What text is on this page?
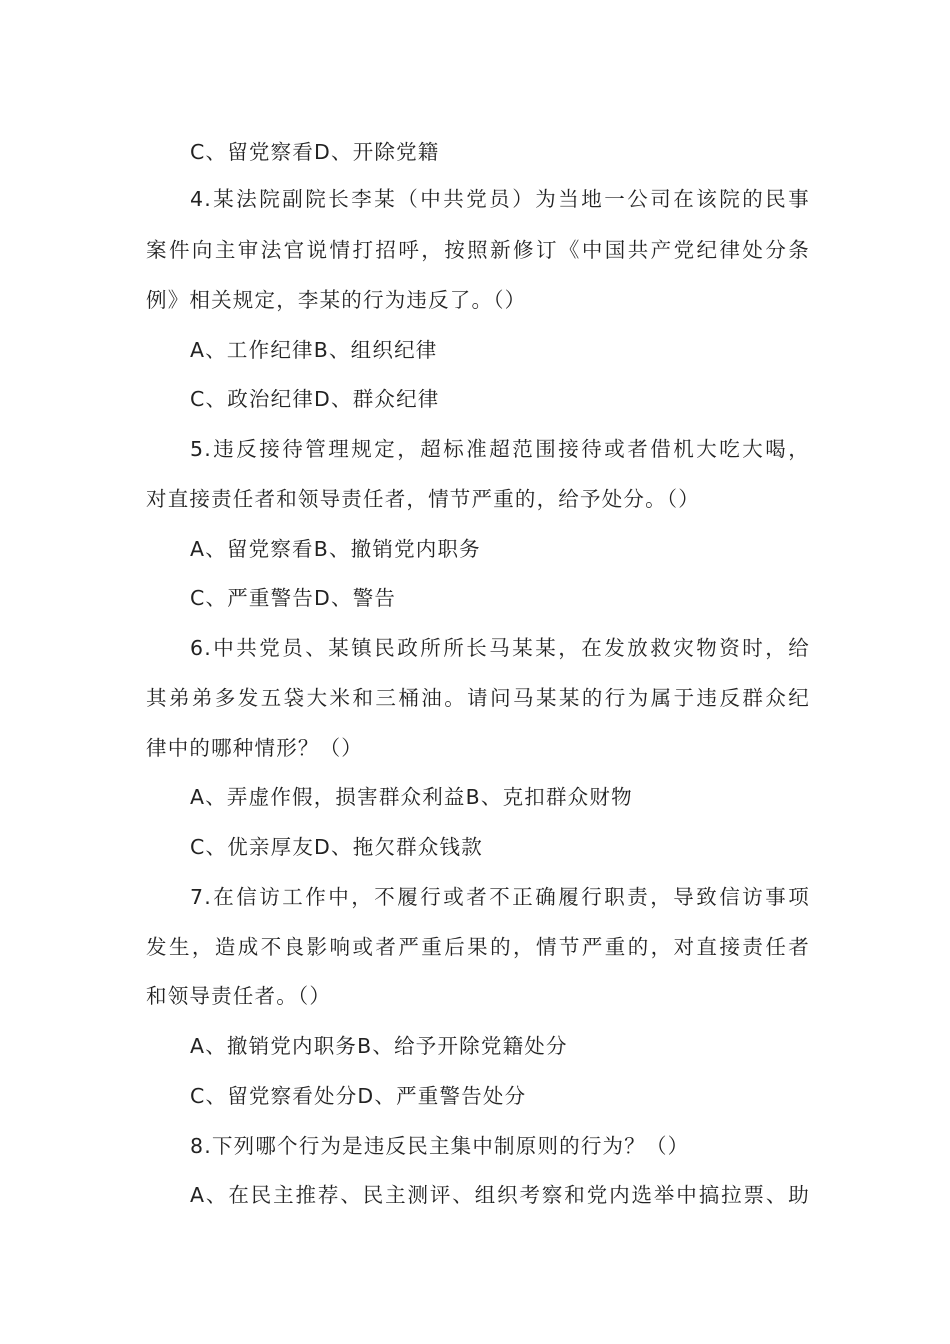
C、留党察看D、开除党籍
4.某法院副院长李某（中共党员）为当地一公司在该院的民事
案件向主审法官说情打招呼，按照新修订《中国共产党纪律处分条
例》相关规定，李某的行为违反了。（）
A、工作纪律B、组织纪律
C、政治纪律D、群众纪律
5.违反接待管理规定，超标准超范围接待或者借机大吃大喝，
对直接责任者和领导责任者，情节严重的，给予处分。（）
A、留党察看B、撤销党内职务
C、严重警告D、警告
6.中共党员、某镇民政所所长马某某，在发放救灾物资时，给
其弟弟多发五袋大米和三桶油。请问马某某的行为属于违反群众纪
律中的哪种情形？（）
A、弄虚作假，损害群众利益B、克扣群众财物
C、优亲厚友D、拖欠群众钱款
7.在信访工作中，不履行或者不正确履行职责，导致信访事项
发生，造成不良影响或者严重后果的，情节严重的，对直接责任者
和领导责任者。（）
A、撤销党内职务B、给予开除党籍处分
C、留党察看处分D、严重警告处分
8.下列哪个行为是违反民主集中制原则的行为？（）
A、在民主推荐、民主测评、组织考察和党内选举中搞拉票、助
